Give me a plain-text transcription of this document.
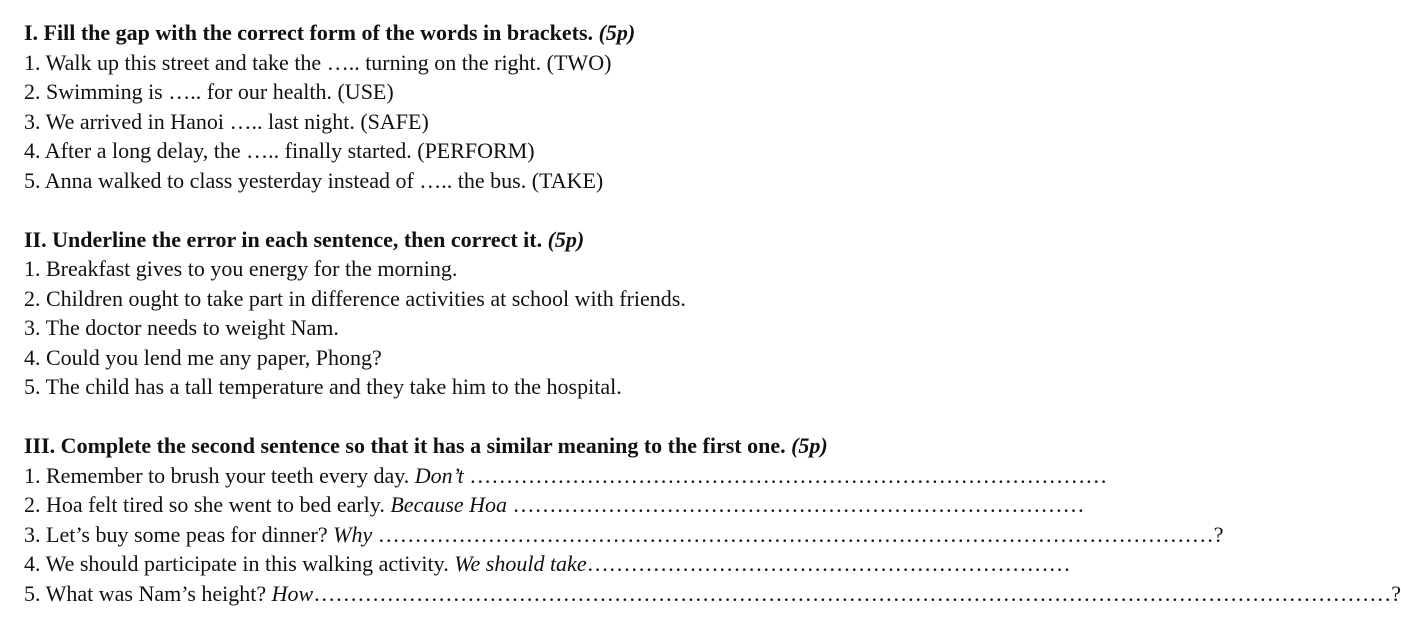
I. Fill the gap with the correct form of the words in brackets. (5p)
1. Walk up this street and take the ….. turning on the right. (TWO)
2. Swimming is ….. for our health. (USE)
3. We arrived in Hanoi ….. last night. (SAFE)
4. After a long delay, the ….. finally started. (PERFORM)
5. Anna walked to class yesterday instead of ….. the bus. (TAKE)
II. Underline the error in each sentence, then correct it. (5p)
1. Breakfast gives to you energy for the morning.
2. Children ought to take part in difference activities at school with friends.
3. The doctor needs to weight Nam.
4. Could you lend me any paper, Phong?
5. The child has a tall temperature and they take him to the hospital.
III. Complete the second sentence so that it has a similar meaning to the first one. (5p)
1. Remember to brush your teeth every day. Don’t ……………………………………………………………………………
2. Hoa felt tired so she went to bed early. Because Hoa ……………………………………………………………………
3. Let’s buy some peas for dinner? Why ……………………………………………………………………………………………………?
4. We should participate in this walking activity. We should take…………………………………………………………
5. What was Nam’s height? How…………………………………………………………………………………………………………………………………?
